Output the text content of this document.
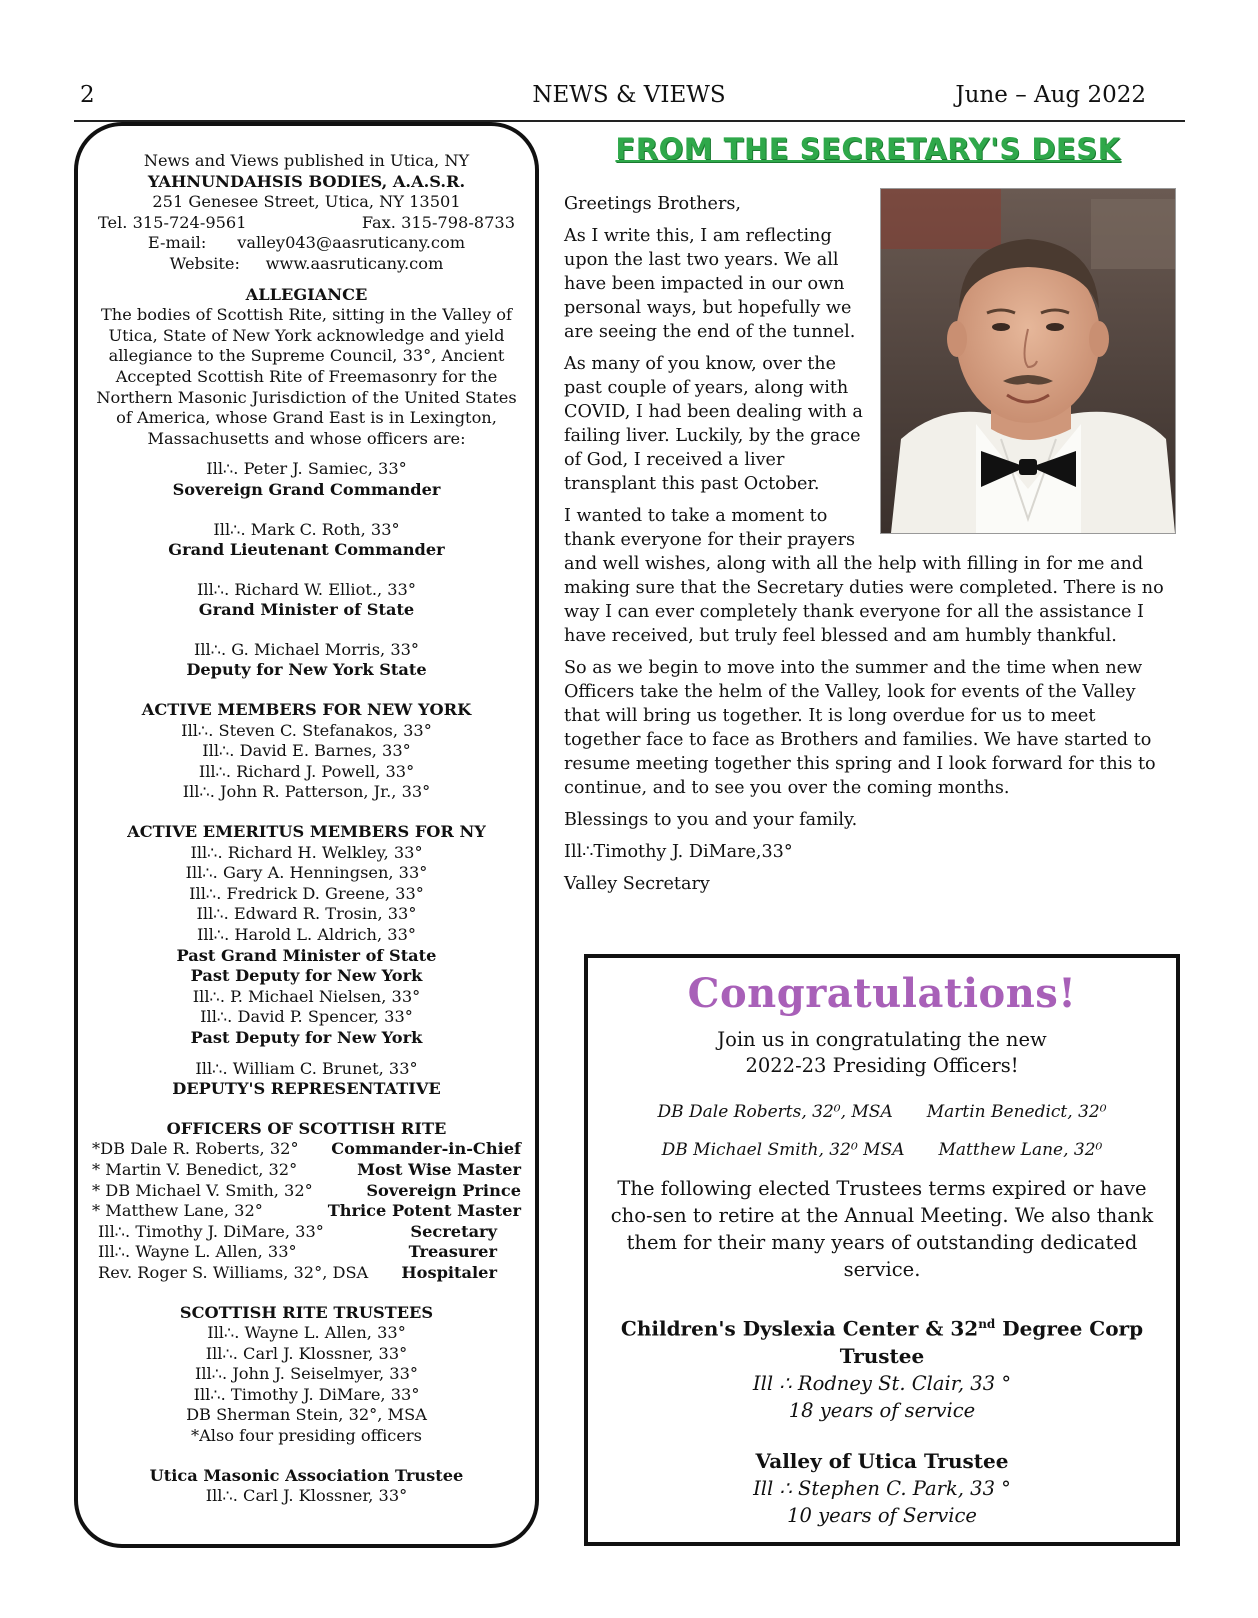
2	NEWS & VIEWS	June – Aug 2022
News and Views published in Utica, NY
YAHNUNDAHSIS BODIES, A.A.S.R.
251 Genesee Street, Utica, NY 13501
Tel. 315-724-9561	Fax. 315-798-8733
E-mail: valley043@aasruticany.com
Website: www.aasruticany.com
ALLEGIANCE
The bodies of Scottish Rite, sitting in the Valley of Utica, State of New York acknowledge and yield allegiance to the Supreme Council, 33°, Ancient Accepted Scottish Rite of Freemasonry for the Northern Masonic Jurisdiction of the United States of America, whose Grand East is in Lexington, Massachusetts and whose officers are:
Ill∴. Peter J. Samiec, 33°
Sovereign Grand Commander
Ill∴. Mark C. Roth, 33°
Grand Lieutenant Commander
Ill∴. Richard W. Elliot., 33°
Grand Minister of State
Ill∴. G. Michael Morris, 33°
Deputy for New York State
ACTIVE MEMBERS FOR NEW YORK
Ill∴. Steven C. Stefanakos, 33°
Ill∴. David E. Barnes, 33°
Ill∴. Richard J. Powell, 33°
Ill∴. John R. Patterson, Jr., 33°
ACTIVE EMERITUS MEMBERS FOR NY
Ill∴. Richard H. Welkley, 33°
Ill∴. Gary A. Henningsen, 33°
Ill∴. Fredrick D. Greene, 33°
Ill∴. Edward R. Trosin, 33°
Ill∴. Harold L. Aldrich, 33°
Past Grand Minister of State
Past Deputy for New York
Ill∴. P. Michael Nielsen, 33°
Ill∴. David P. Spencer, 33°
Past Deputy for New York
Ill∴. William C. Brunet, 33°
DEPUTY'S REPRESENTATIVE
OFFICERS OF SCOTTISH RITE
*DB Dale R. Roberts, 32° Commander-in-Chief
* Martin V. Benedict, 32°	Most Wise Master
* DB Michael V. Smith, 32°	Sovereign Prince
* Matthew Lane, 32°	Thrice Potent Master
Ill∴. Timothy J. DiMare, 33°	Secretary
Ill∴. Wayne L. Allen, 33°	Treasurer
Rev. Roger S. Williams, 32°, DSA Hospitaler
SCOTTISH RITE TRUSTEES
Ill∴. Wayne L. Allen, 33°
Ill∴. Carl J. Klossner, 33°
Ill∴. John J. Seiselmyer, 33°
Ill∴. Timothy J. DiMare, 33°
DB Sherman Stein, 32°, MSA
*Also four presiding officers
Utica Masonic Association Trustee
Ill∴. Carl J. Klossner, 33°
FROM THE SECRETARY'S DESK

Greetings Brothers,

As I write this, I am reflecting upon the last two years. We all have been impacted in our own personal ways, but hopefully we are seeing the end of the tunnel.

As many of you know, over the past couple of years, along with COVID, I had been dealing with a failing liver. Luckily, by the grace of God, I received a liver transplant this past October.

I wanted to take a moment to thank everyone for their prayers and well wishes, along with all the help with filling in for me and making sure that the Secretary duties were completed. There is no way I can ever completely thank everyone for all the assistance I have received, but truly feel blessed and am humbly thankful.

So as we begin to move into the summer and the time when new Officers take the helm of the Valley, look for events of the Valley that will bring us together. It is long overdue for us to meet together face to face as Brothers and families. We have started to resume meeting together this spring and I look forward for this to continue, and to see you over the coming months.

Blessings to you and your family.

Ill∴Timothy J. DiMare,33°

Valley Secretary

Congratulations!
Join us in congratulating the new
2022-23 Presiding Officers!
DB Dale Roberts, 32⁰, MSA Martin Benedict, 32⁰
DB Michael Smith, 32⁰ MSA Matthew Lane, 32⁰
The following elected Trustees terms expired or have cho-sen to retire at the Annual Meeting. We also thank them for their many years of outstanding dedicated service.
Children's Dyslexia Center & 32nd Degree Corp Trustee
Ill ∴ Rodney St. Clair, 33 °
18 years of service
Valley of Utica Trustee
Ill ∴ Stephen C. Park, 33 °
10 years of Service
